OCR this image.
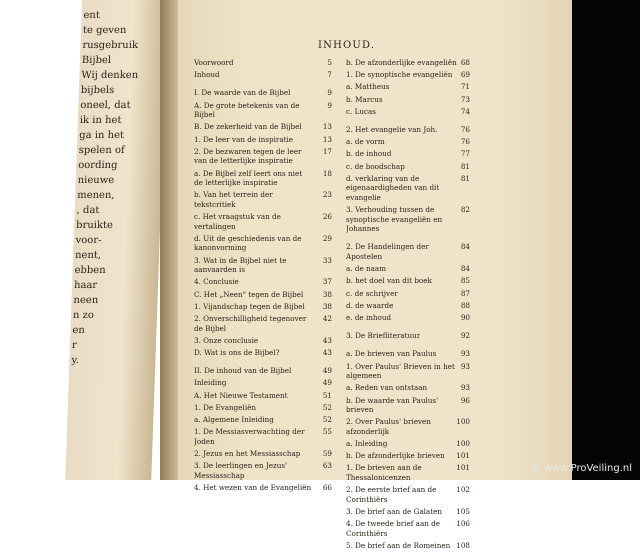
ent
te geven
rusgebruik
Bijbel
Wij denken
bijbels
oneel, dat
ik in het
ga in het
spelen of
oording
nieuwe
menen,
, dat
bruikte
voor-
nent,
ebben
haar
neen
n zo
en
r
y.
INHOUD.
Voorwoord	5
Inhoud	7
I. De waarde van de Bijbel	9
A. De grote betekenis van de Bijbel
9
B. De zekerheid van de Bijbel	13
1. De leer van de inspiratie	13
2. De bezwaren tegen de leer van de letterlijke inspiratie
17
a. De Bijbel zelf leert ons niet de letterlijke inspiratie
18
b. Van het terrein der tekstcritiek
23
c. Het vraagstuk van de vertalingen
26
d. Uit de geschiedenis van de kanonvorming
29
3. Wat in de Bijbel niet te aanvaarden is
33
4. Conclusie	37
C. Het „Neen" tegen de Bijbel	38
1. Vijandschap tegen de Bijbel	38
2. Onverschilligheid tegenover de Bijbel
42
3. Onze conclusie	43
D. Wat is ons de Bijbel?	43
II. De inhoud van de Bijbel	49
Inleiding	49
A. Het Nieuwe Testament	51
1. De Evangeliën	52
a. Algemene Inleiding	52
1. De Messiasverwachting der Joden
55
2. Jezus en het Messiasschap	59
3. De leerlingen en Jezus' Messiasschap
63
4. Het wezen van de Evangeliën 66
b. De afzonderlijke evangeliën 68
1. De synoptische evangeliën 69
a. Mattheus	71
b. Marcus	73
c. Lucas	74
2. Het evangelie van Joh.	76
a. de vorm	76
b. de inhoud	77
c. de boodschap	81
d. verklaring van de eigenaardigheden van dit evangelie
81
3. Verhouding tussen de synoptische evangeliën en Johannes
82
2. De Handelingen der Apostelen
84
a. de naam	84
b. het doel van dit boek	85
c. de schrijver	87
d. de waarde	88
e. de inhoud	90
3. De Briefliteratuur	92
a. De brieven van Paulus	93
1. Over Paulus' Brieven in het algemeen
93
a. Reden van ontstaan	93
b. De waarde van Paulus' brieven
96
2. Over Paulus' brieven afzonderlijk
100
a. Inleiding	100
b. De afzonderlijke brieven 101
1. De brieven aan de Thessalonicenzen
101
2. De eerste brief aan de Corinthiërs
102
3. De brief aan de Galaten 105
4. De tweede brief aan de Corinthiërs
106
5. De brief aan de Romeinen 108
© www.ProVeiling.nl
